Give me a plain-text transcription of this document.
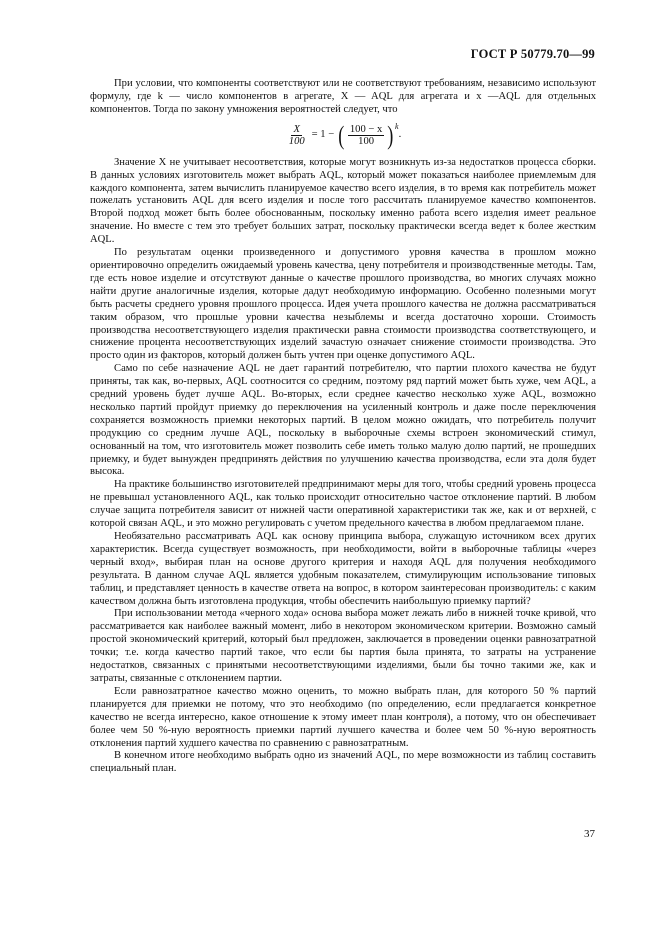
ГОСТ Р 50779.70—99

При условии, что компоненты соответствуют или не соответствуют требованиям, независимо используют формулу, где k — число компонентов в агрегате, X — AQL для агрегата и x —AQL для отдельных компонентов. Тогда по закону умножения вероятностей следует, что

$\frac{X}{100} = 1$ − ( $\frac{100 - x}{100}$ ) k
.

Значение X не учитывает несоответствия, которые могут возникнуть из-за недостатков процесса сборки. В данных условиях изготовитель может выбрать AQL, который может показаться наиболее приемлемым для каждого компонента, затем вычислить планируемое качество всего изделия, в то время как потребитель может пожелать установить AQL для всего изделия и после того рассчитать планируемое качество компонентов. Второй подход может быть более обоснованным, поскольку именно работа всего изделия имеет реальное значение. Но вместе с тем это требует больших затрат, поскольку практически всегда ведет к более жестким AQL.

По результатам оценки произведенного и допустимого уровня качества в прошлом можно ориентировочно определить ожидаемый уровень качества, цену потребителя и производственные методы. Там, где есть новое изделие и отсутствуют данные о качестве прошлого производства, во многих случаях можно найти другие аналогичные изделия, которые дадут необходимую информацию. Особенно полезными могут быть расчеты среднего уровня прошлого процесса. Идея учета прошлого качества не должна рассматриваться таким образом, что прошлые уровни качества незыблемы и всегда достаточно хороши. Стоимость производства несоответствующего изделия практически равна стоимости производства соответствующего, и снижение процента несоответствующих изделий зачастую означает снижение стоимости производства. Это просто один из факторов, который должен быть учтен при оценке допустимого AQL.

Само по себе назначение AQL не дает гарантий потребителю, что партии плохого качества не будут приняты, так как, во-первых, AQL соотносится со средним, поэтому ряд партий может быть хуже, чем AQL, а средний уровень будет лучше AQL. Во-вторых, если среднее качество несколько хуже AQL, возможно несколько партий пройдут приемку до переключения на усиленный контроль и даже после переключения сохраняется возможность приемки некоторых партий. В целом можно ожидать, что потребитель получит продукцию со средним лучше AQL, поскольку в выборочные схемы встроен экономический стимул, основанный на том, что изготовитель может позволить себе иметь только малую долю партий, не прошедших приемку, и будет вынужден предпринять действия по улучшению качества производства, если эта доля будет высока.

На практике большинство изготовителей предпринимают меры для того, чтобы средний уровень процесса не превышал установленного AQL, как только происходит относительно частое отклонение партий. В любом случае защита потребителя зависит от нижней части оперативной характеристики так же, как и от верхней, с которой связан AQL, и это можно регулировать с учетом предельного качества в любом предлагаемом плане.

Необязательно рассматривать AQL как основу принципа выбора, служащую источником всех других характеристик. Всегда существует возможность, при необходимости, войти в выборочные таблицы «через черный вход», выбирая план на основе другого критерия и находя AQL для получения необходимого результата. В данном случае AQL является удобным показателем, стимулирующим использование типовых таблиц, и представляет ценность в качестве ответа на вопрос, в котором заинтересован производитель: с каким качеством должна быть изготовлена продукция, чтобы обеспечить наибольшую приемку партий?

При использовании метода «черного хода» основа выбора может лежать либо в нижней точке кривой, что рассматривается как наиболее важный момент, либо в некотором экономическом критерии. Возможно самый простой экономический критерий, который был предложен, заключается в проведении оценки равнозатратной точки; т.е. когда качество партий такое, что если бы партия была принята, то затраты на устранение недостатков, связанных с принятыми несоответствующими изделиями, были бы точно такими же, как и затраты, связанные с отклонением партии.

Если равнозатратное качество можно оценить, то можно выбрать план, для которого 50 % партий планируется для приемки не потому, что это необходимо (по определению, если предлагается конкретное качество не всегда интересно, какое отношение к этому имеет план контроля), а потому, что он обеспечивает более чем 50 %-ную вероятность приемки партий лучшего качества и более чем 50 %-ную вероятность отклонения партий худшего качества по сравнению с равнозатратным.

В конечном итоге необходимо выбрать одно из значений AQL, по мере возможности из таблиц составить специальный план.

37
